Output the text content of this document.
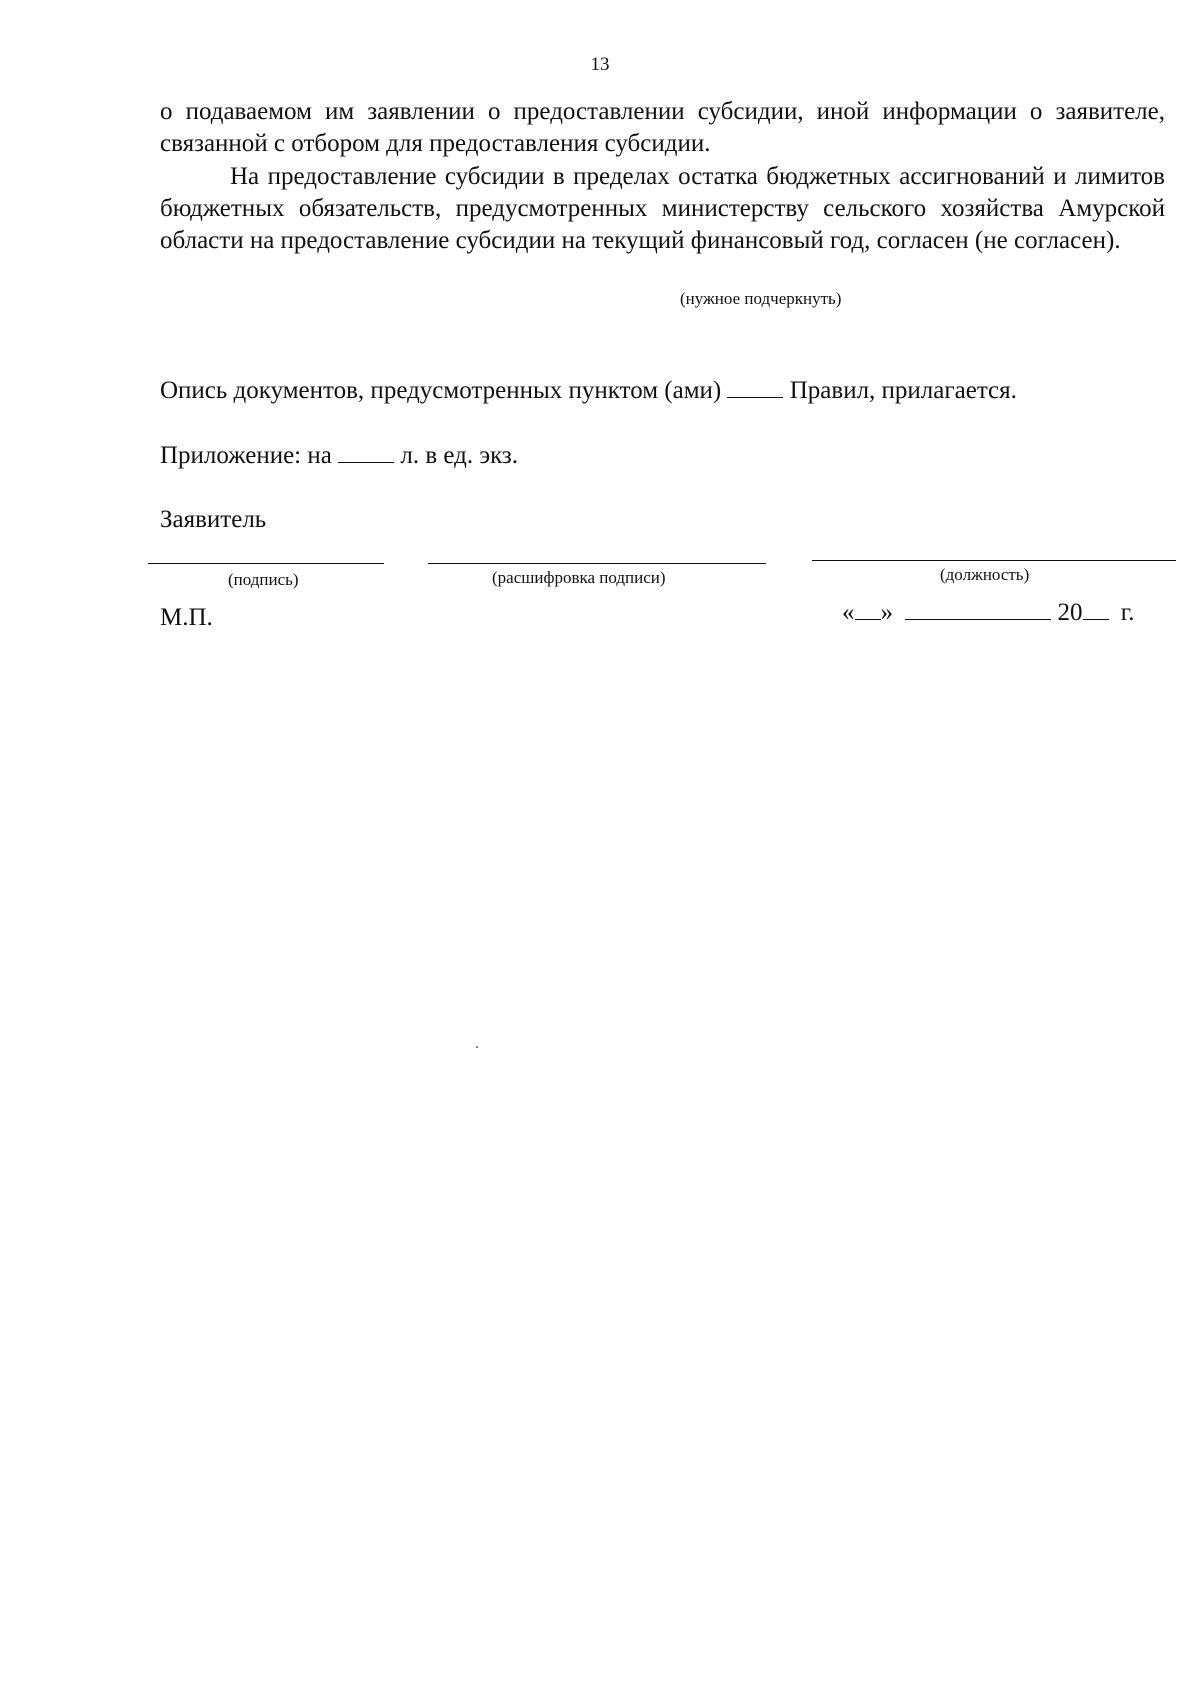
13
о подаваемом им заявлении о предоставлении субсидии, иной информации о заявителе, связанной с отбором для предоставления субсидии.
На предоставление субсидии в пределах остатка бюджетных ассигнований и лимитов бюджетных обязательств, предусмотренных министерству сельского хозяйства Амурской области на предоставление субсидии на текущий финансовый год, согласен (не согласен).
(нужное подчеркнуть)
Опись документов, предусмотренных пунктом (ами)	Правил, прилагается.
Приложение: на	л. в ед. экз.
Заявитель
(подпись)	(расшифровка подписи)	(должность)
М.П.	« »	20 г.
